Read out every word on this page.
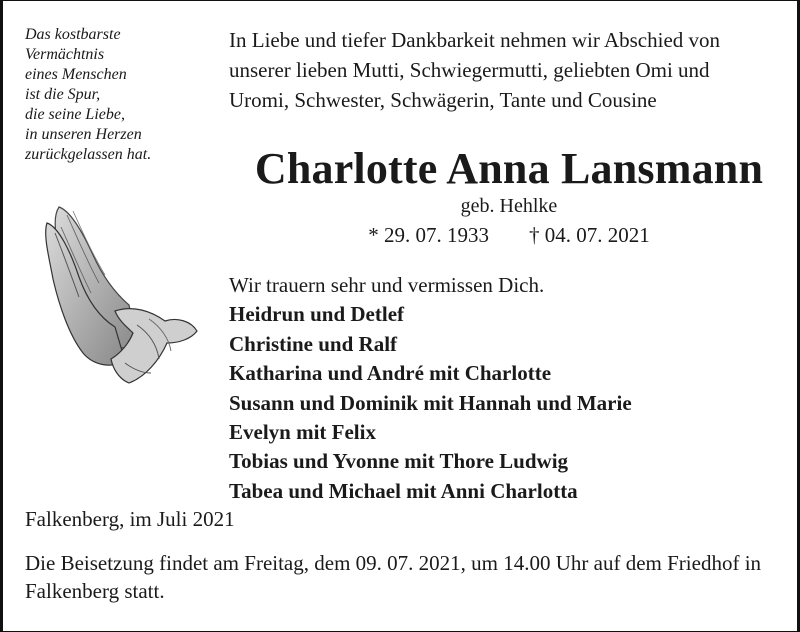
Das kostbarste
Vermächtnis
eines Menschen
ist die Spur,
die seine Liebe,
in unseren Herzen
zurückgelassen hat.
In Liebe und tiefer Dankbarkeit nehmen wir Abschied von
unserer lieben Mutti, Schwiegermutti, geliebten Omi und
Uromi, Schwester, Schwägerin, Tante und Cousine
Charlotte Anna Lansmann
geb. Hehlke
* 29. 07. 1933 † 04. 07. 2021
Wir trauern sehr und vermissen Dich.
Heidrun und Detlef
Christine und Ralf
Katharina und André mit Charlotte
Susann und Dominik mit Hannah und Marie
Evelyn mit Felix
Tobias und Yvonne mit Thore Ludwig
Tabea und Michael mit Anni Charlotta
Falkenberg, im Juli 2021
Die Beisetzung findet am Freitag, dem 09. 07. 2021, um 14.00 Uhr auf dem Friedhof in Falkenberg statt.
